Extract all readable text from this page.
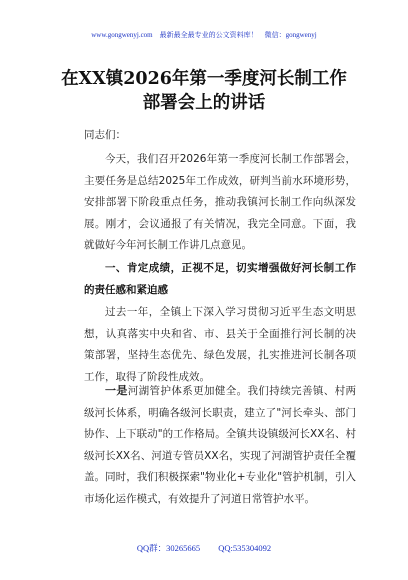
www.gongwenyj.com　最新最全最专业的公文资料库！　微信：gongwenyj
在XX镇2026年第一季度河长制工作部署会上的讲话
同志们：

今天，我们召开2026年第一季度河长制工作部署会，主要任务是总结2025年工作成效，研判当前水环境形势，安排部署下阶段重点任务，推动我镇河长制工作向纵深发展。刚才，会议通报了有关情况，我完全同意。下面，我就做好今年河长制工作讲几点意见。

一、肯定成绩，正视不足，切实增强做好河长制工作的责任感和紧迫感

过去一年，全镇上下深入学习贯彻习近平生态文明思想，认真落实中央和省、市、县关于全面推行河长制的决策部署，坚持生态优先、绿色发展，扎实推进河长制各项工作，取得了阶段性成效。

一是河湖管护体系更加健全。我们持续完善镇、村两级河长体系，明确各级河长职责，建立了"河长牵头、部门协作、上下联动"的工作格局。全镇共设镇级河长XX名、村级河长XX名、河道专管员XX名，实现了河湖管护责任全覆盖。同时，我们积极探索"物业化+专业化"管护机制，引入市场化运作模式，有效提升了河道日常管护水平。

QQ群：30265665 QQ:535304092
